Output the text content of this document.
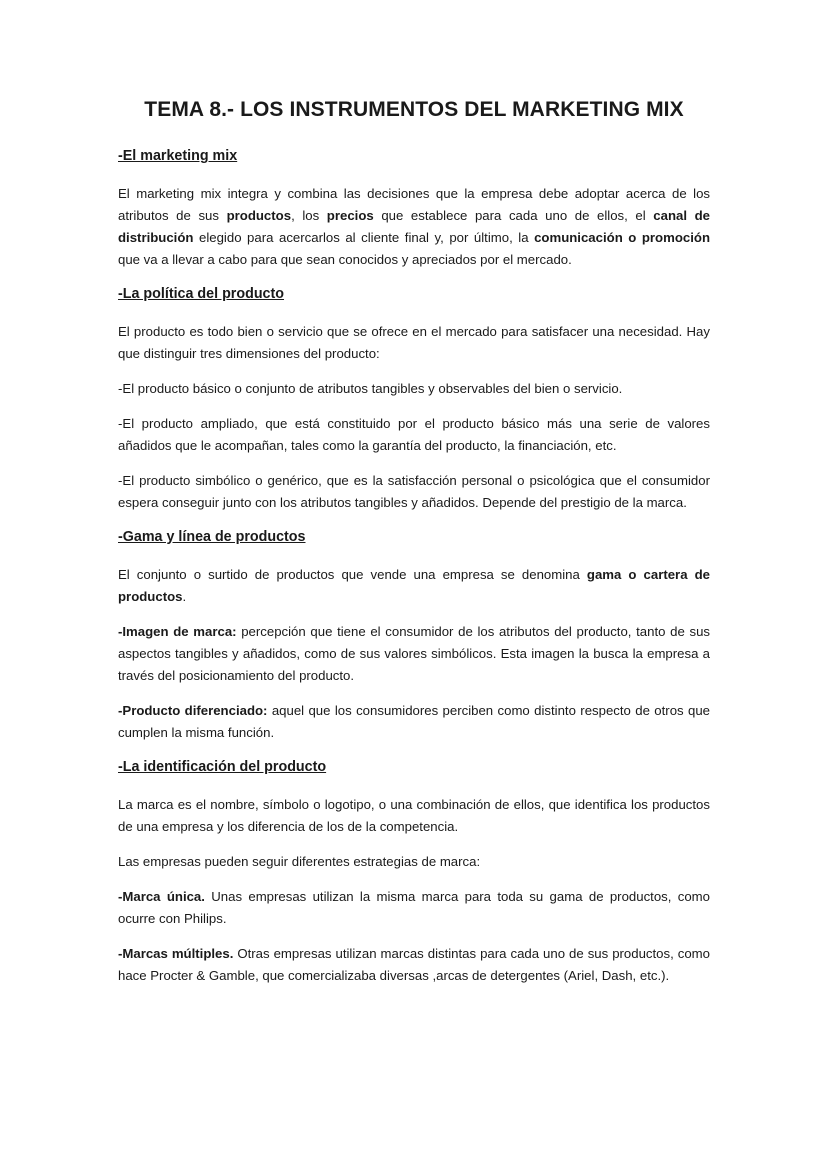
TEMA 8.- LOS INSTRUMENTOS DEL MARKETING MIX
-El marketing mix

El marketing mix integra y combina las decisiones que la empresa debe adoptar acerca de los atributos de sus productos, los precios que establece para cada uno de ellos, el canal de distribución elegido para acercarlos al cliente final y, por último, la comunicación o promoción que va a llevar a cabo para que sean conocidos y apreciados por el mercado.

-La política del producto

El producto es todo bien o servicio que se ofrece en el mercado para satisfacer una necesidad. Hay que distinguir tres dimensiones del producto:

-El producto básico o conjunto de atributos tangibles y observables del bien o servicio.

-El producto ampliado, que está constituido por el producto básico más una serie de valores añadidos que le acompañan, tales como la garantía del producto, la financiación, etc.

-El producto simbólico o genérico, que es la satisfacción personal o psicológica que el consumidor espera conseguir junto con los atributos tangibles y añadidos. Depende del prestigio de la marca.

-Gama y línea de productos

El conjunto o surtido de productos que vende una empresa se denomina gama o cartera de productos.

-Imagen de marca: percepción que tiene el consumidor de los atributos del producto, tanto de sus aspectos tangibles y añadidos, como de sus valores simbólicos. Esta imagen la busca la empresa a través del posicionamiento del producto.

-Producto diferenciado: aquel que los consumidores perciben como distinto respecto de otros que cumplen la misma función.

-La identificación del producto

La marca es el nombre, símbolo o logotipo, o una combinación de ellos, que identifica los productos de una empresa y los diferencia de los de la competencia.

Las empresas pueden seguir diferentes estrategias de marca:

-Marca única. Unas empresas utilizan la misma marca para toda su gama de productos, como ocurre con Philips.

-Marcas múltiples. Otras empresas utilizan marcas distintas para cada uno de sus productos, como hace Procter & Gamble, que comercializaba diversas ,arcas de detergentes (Ariel, Dash, etc.).
